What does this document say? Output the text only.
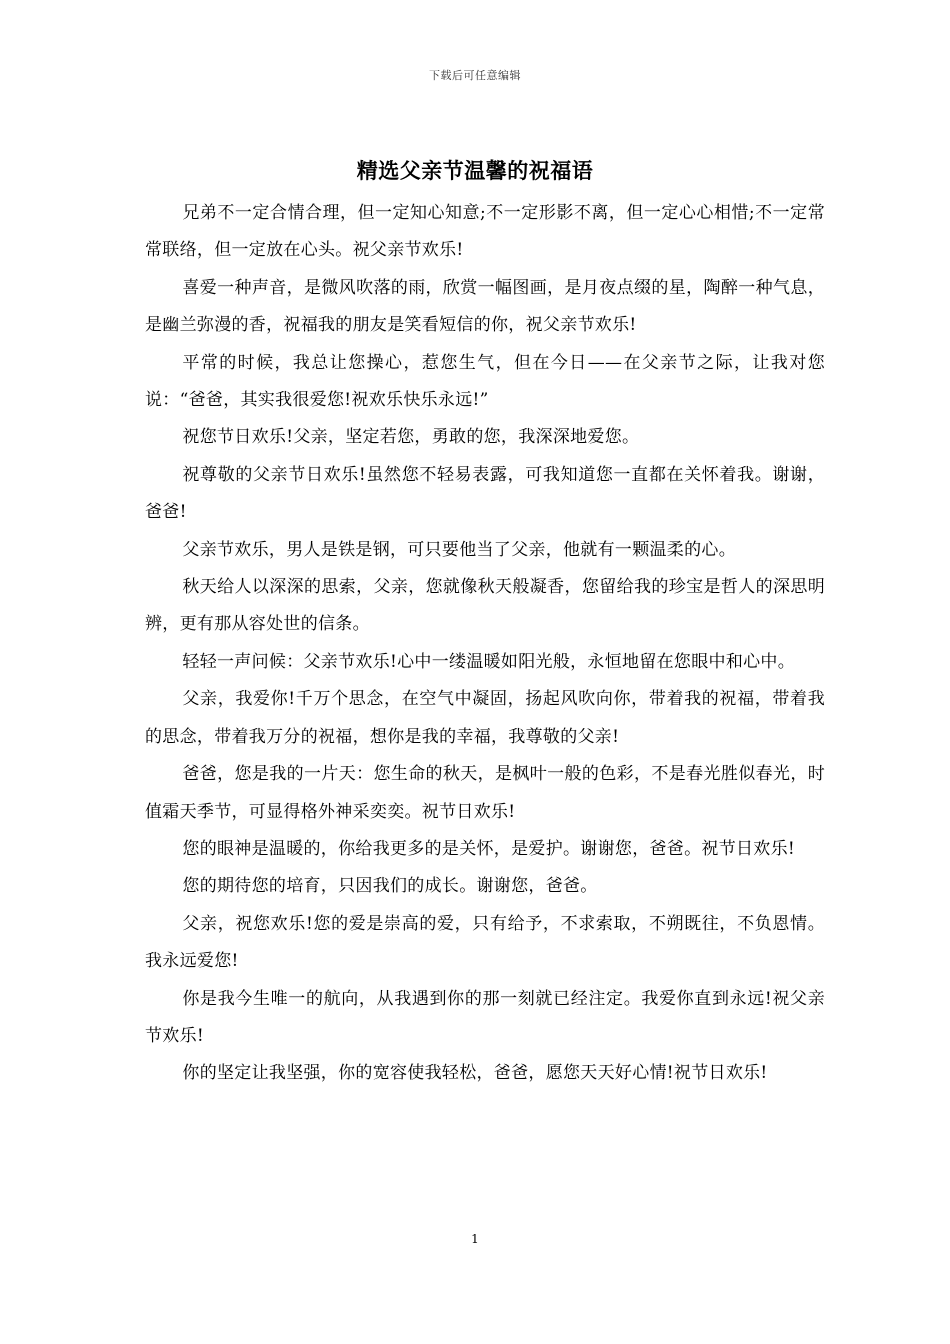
下载后可任意编辑
精选父亲节温馨的祝福语

兄弟不一定合情合理，但一定知心知意;不一定形影不离，但一定心心相惜;不一定常常联络，但一定放在心头。祝父亲节欢乐!

喜爱一种声音，是微风吹落的雨，欣赏一幅图画，是月夜点缀的星，陶醉一种气息，是幽兰弥漫的香，祝福我的朋友是笑看短信的你，祝父亲节欢乐!

平常的时候，我总让您操心，惹您生气，但在今日——在父亲节之际，让我对您说：“爸爸，其实我很爱您!祝欢乐快乐永远!”

祝您节日欢乐!父亲，坚定若您，勇敢的您，我深深地爱您。

祝尊敬的父亲节日欢乐!虽然您不轻易表露，可我知道您一直都在关怀着我。谢谢，爸爸!

父亲节欢乐，男人是铁是钢，可只要他当了父亲，他就有一颗温柔的心。

秋天给人以深深的思索，父亲，您就像秋天般凝香，您留给我的珍宝是哲人的深思明辨，更有那从容处世的信条。

轻轻一声问候：父亲节欢乐!心中一缕温暖如阳光般，永恒地留在您眼中和心中。

父亲，我爱你!千万个思念，在空气中凝固，扬起风吹向你，带着我的祝福，带着我的思念，带着我万分的祝福，想你是我的幸福，我尊敬的父亲!

爸爸，您是我的一片天：您生命的秋天，是枫叶一般的色彩，不是春光胜似春光，时值霜天季节，可显得格外神采奕奕。祝节日欢乐!

您的眼神是温暖的，你给我更多的是关怀，是爱护。谢谢您，爸爸。祝节日欢乐!

您的期待您的培育，只因我们的成长。谢谢您，爸爸。

父亲，祝您欢乐!您的爱是崇高的爱，只有给予，不求索取，不朔既往，不负恩情。我永远爱您!

你是我今生唯一的航向，从我遇到你的那一刻就已经注定。我爱你直到永远!祝父亲节欢乐!

你的坚定让我坚强，你的宽容使我轻松，爸爸，愿您天天好心情!祝节日欢乐!

1
